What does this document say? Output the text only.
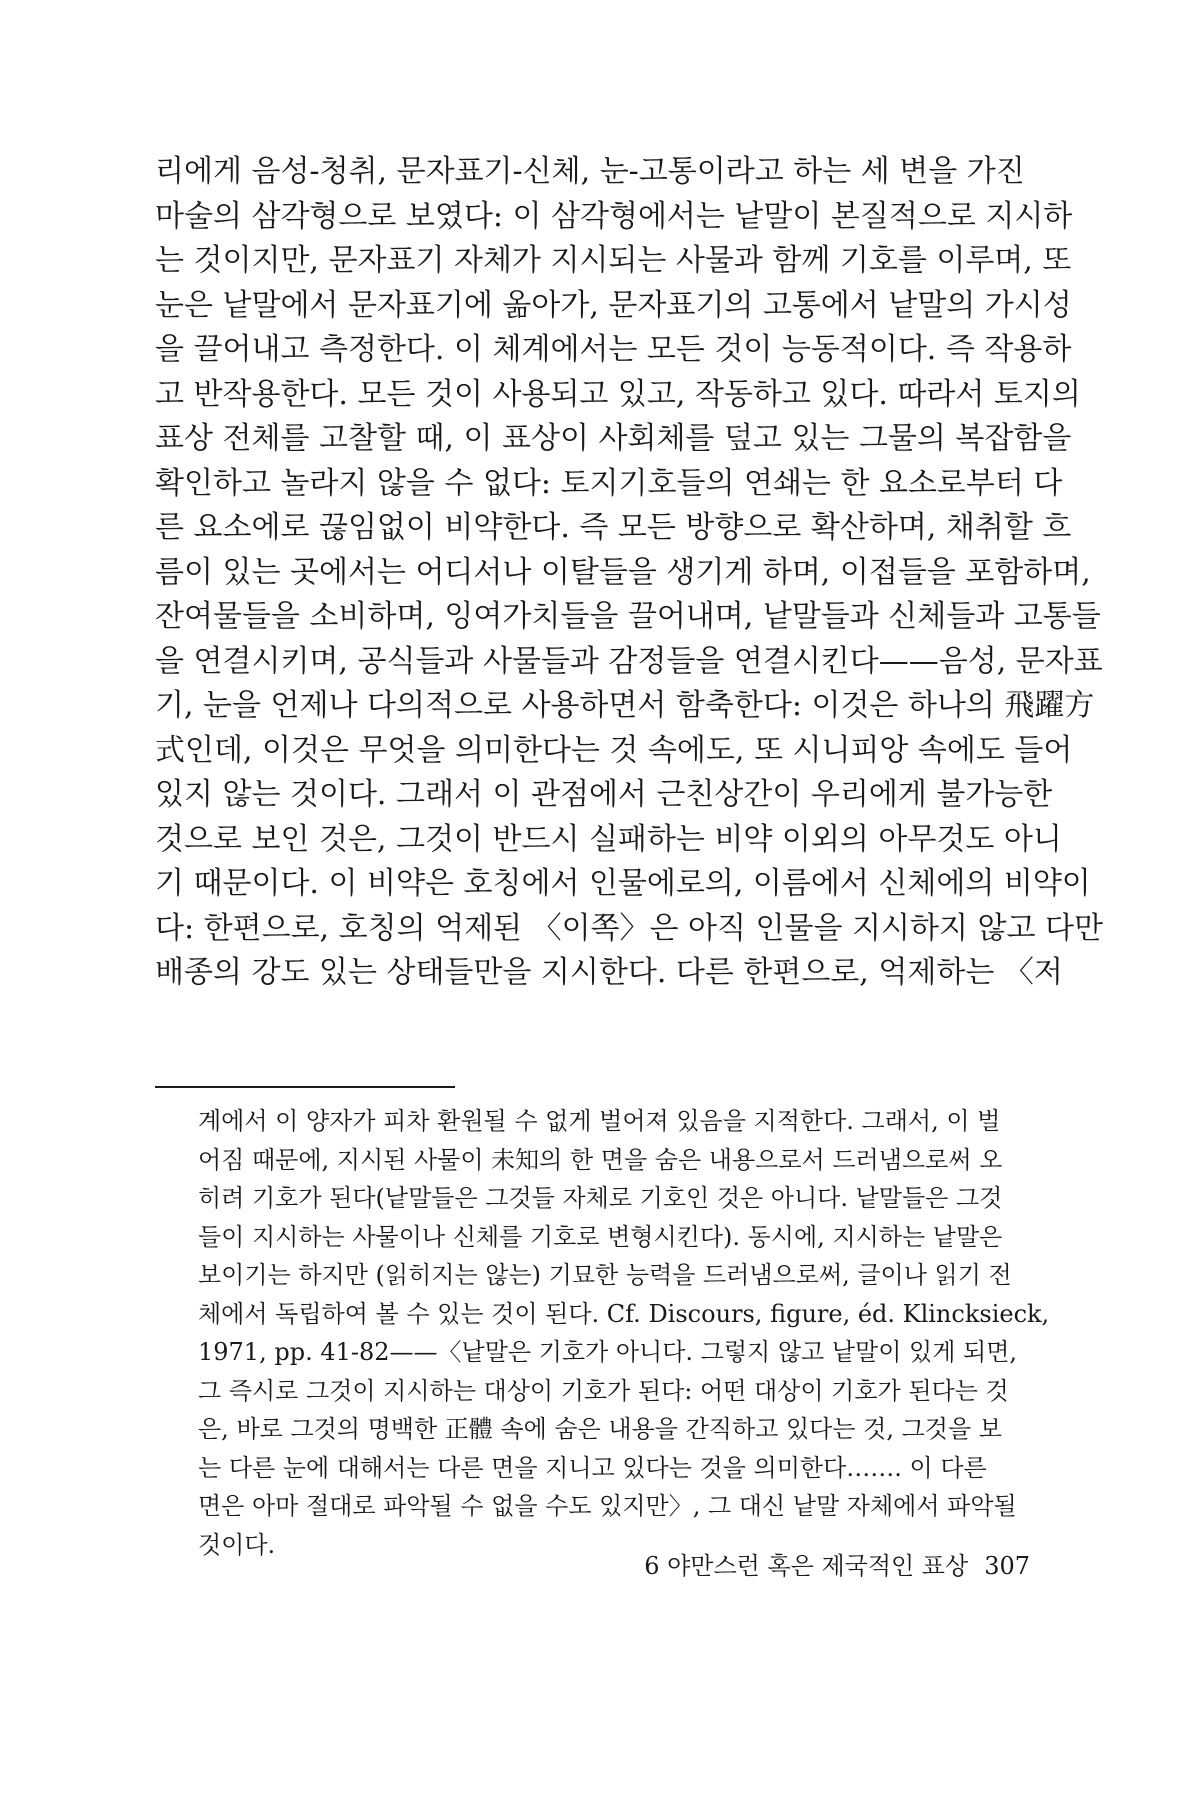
리에게 음성-청취, 문자표기-신체, 눈-고통이라고 하는 세 변을 가진
마술의 삼각형으로 보였다: 이 삼각형에서는 낱말이 본질적으로 지시하
는 것이지만, 문자표기 자체가 지시되는 사물과 함께 기호를 이루며, 또
눈은 낱말에서 문자표기에 옮아가, 문자표기의 고통에서 낱말의 가시성
을 끌어내고 측정한다. 이 체계에서는 모든 것이 능동적이다. 즉 작용하
고 반작용한다. 모든 것이 사용되고 있고, 작동하고 있다. 따라서 토지의
표상 전체를 고찰할 때, 이 표상이 사회체를 덮고 있는 그물의 복잡함을
확인하고 놀라지 않을 수 없다: 토지기호들의 연쇄는 한 요소로부터 다
른 요소에로 끊임없이 비약한다. 즉 모든 방향으로 확산하며, 채취할 흐
름이 있는 곳에서는 어디서나 이탈들을 생기게 하며, 이접들을 포함하며,
잔여물들을 소비하며, 잉여가치들을 끌어내며, 낱말들과 신체들과 고통들
을 연결시키며, 공식들과 사물들과 감정들을 연결시킨다——음성, 문자표
기, 눈을 언제나 다의적으로 사용하면서 함축한다: 이것은 하나의 飛躍方
式인데, 이것은 무엇을 의미한다는 것 속에도, 또 시니피앙 속에도 들어
있지 않는 것이다. 그래서 이 관점에서 근친상간이 우리에게 불가능한
것으로 보인 것은, 그것이 반드시 실패하는 비약 이외의 아무것도 아니
기 때문이다. 이 비약은 호칭에서 인물에로의, 이름에서 신체에의 비약이
다: 한편으로, 호칭의 억제된 〈이쪽〉은 아직 인물을 지시하지 않고 다만
배종의 강도 있는 상태들만을 지시한다. 다른 한편으로, 억제하는 〈저
계에서 이 양자가 피차 환원될 수 없게 벌어져 있음을 지적한다. 그래서, 이 벌
어짐 때문에, 지시된 사물이 未知의 한 면을 숨은 내용으로서 드러냄으로써 오
히려 기호가 된다(낱말들은 그것들 자체로 기호인 것은 아니다. 낱말들은 그것
들이 지시하는 사물이나 신체를 기호로 변형시킨다). 동시에, 지시하는 낱말은
보이기는 하지만 (읽히지는 않는) 기묘한 능력을 드러냄으로써, 글이나 읽기 전
체에서 독립하여 볼 수 있는 것이 된다. Cf. Discours, figure, éd. Klincksieck,
1971, pp. 41-82——〈낱말은 기호가 아니다. 그렇지 않고 낱말이 있게 되면,
그 즉시로 그것이 지시하는 대상이 기호가 된다: 어떤 대상이 기호가 된다는 것
은, 바로 그것의 명백한 正體 속에 숨은 내용을 간직하고 있다는 것, 그것을 보
는 다른 눈에 대해서는 다른 면을 지니고 있다는 것을 의미한다……. 이 다른
면은 아마 절대로 파악될 수 없을 수도 있지만〉, 그 대신 낱말 자체에서 파악될
것이다.
6 야만스런 혹은 제국적인 표상 307
